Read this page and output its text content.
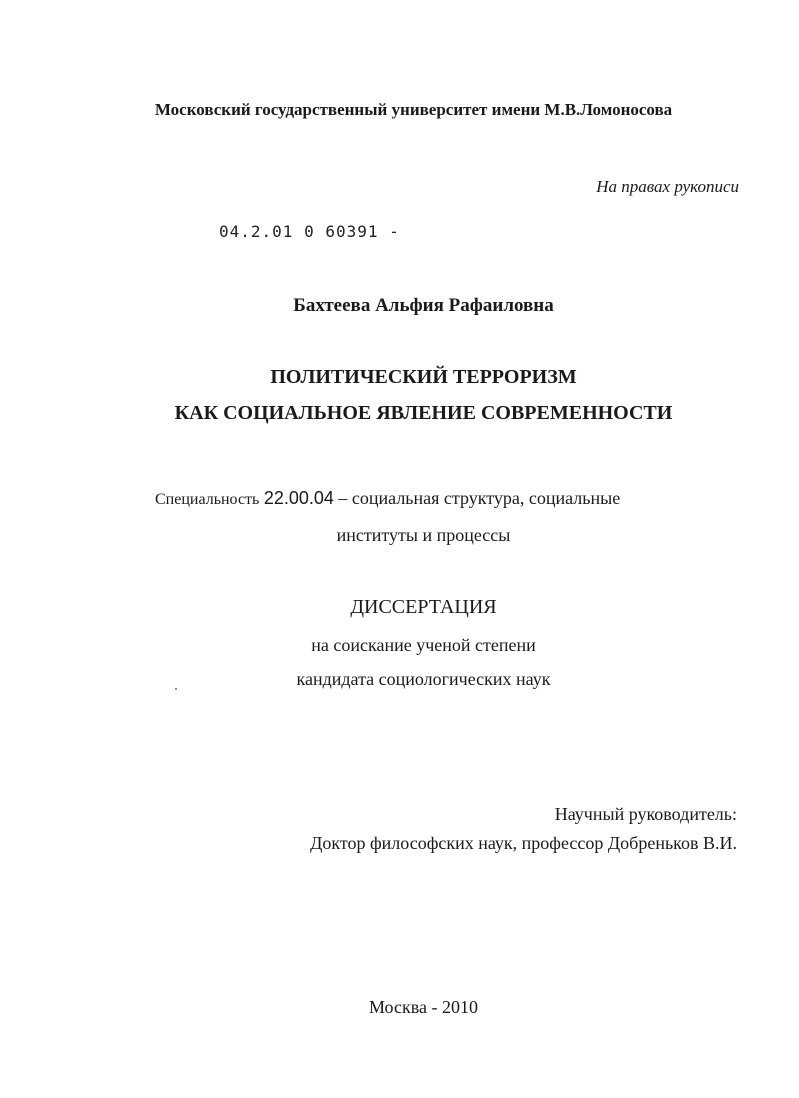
Московский государственный университет имени М.В.Ломоносова
На правах рукописи
04.2.01 0 60391 -
Бахтеева Альфия Рафаиловна
ПОЛИТИЧЕСКИЙ ТЕРРОРИЗМ
КАК СОЦИАЛЬНОЕ ЯВЛЕНИЕ СОВРЕМЕННОСТИ
Специальность 22.00.04 – социальная структура, социальные
институты и процессы
ДИССЕРТАЦИЯ
на соискание ученой степени
кандидата социологических наук
Научный руководитель:
Доктор философских наук, профессор Добреньков В.И.
Москва - 2010
